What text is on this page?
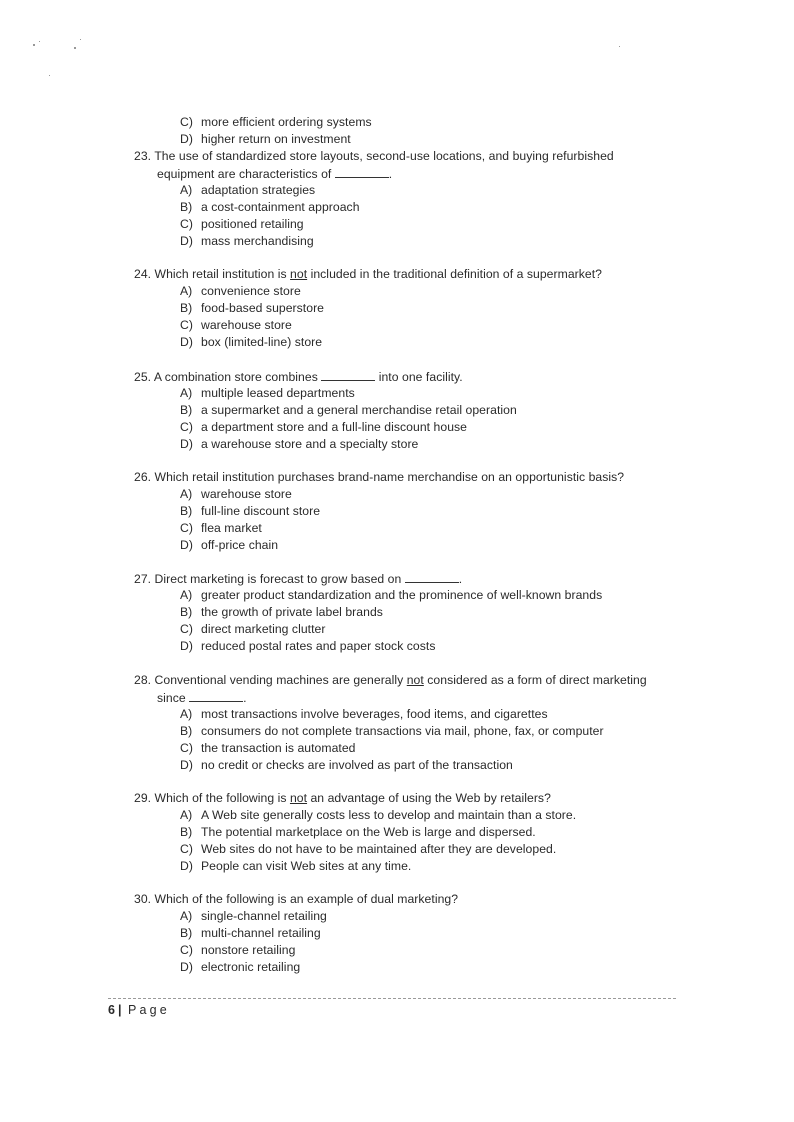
C) more efficient ordering systems
D) higher return on investment
23. The use of standardized store layouts, second-use locations, and buying refurbished
equipment are characteristics of	.
A) adaptation strategies
B) a cost-containment approach
C) positioned retailing
D) mass merchandising
24. Which retail institution is not included in the traditional definition of a supermarket?
A) convenience store
B) food-based superstore
C) warehouse store
D) box (limited-line) store
25. A combination store combines	into one facility.
A) multiple leased departments
B) a supermarket and a general merchandise retail operation
C) a department store and a full-line discount house
D) a warehouse store and a specialty store
26. Which retail institution purchases brand-name merchandise on an opportunistic basis?
A) warehouse store
B) full-line discount store
C) flea market
D) off-price chain
27. Direct marketing is forecast to grow based on	.
A) greater product standardization and the prominence of well-known brands
B) the growth of private label brands
C) direct marketing clutter
D) reduced postal rates and paper stock costs
28. Conventional vending machines are generally not considered as a form of direct marketing
since	.
A) most transactions involve beverages, food items, and cigarettes
B) consumers do not complete transactions via mail, phone, fax, or computer
C) the transaction is automated
D) no credit or checks are involved as part of the transaction
29. Which of the following is not an advantage of using the Web by retailers?
A) A Web site generally costs less to develop and maintain than a store.
B) The potential marketplace on the Web is large and dispersed.
C) Web sites do not have to be maintained after they are developed.
D) People can visit Web sites at any time.
30. Which of the following is an example of dual marketing?
A) single-channel retailing
B) multi-channel retailing
C) nonstore retailing
D) electronic retailing
6 | Page
